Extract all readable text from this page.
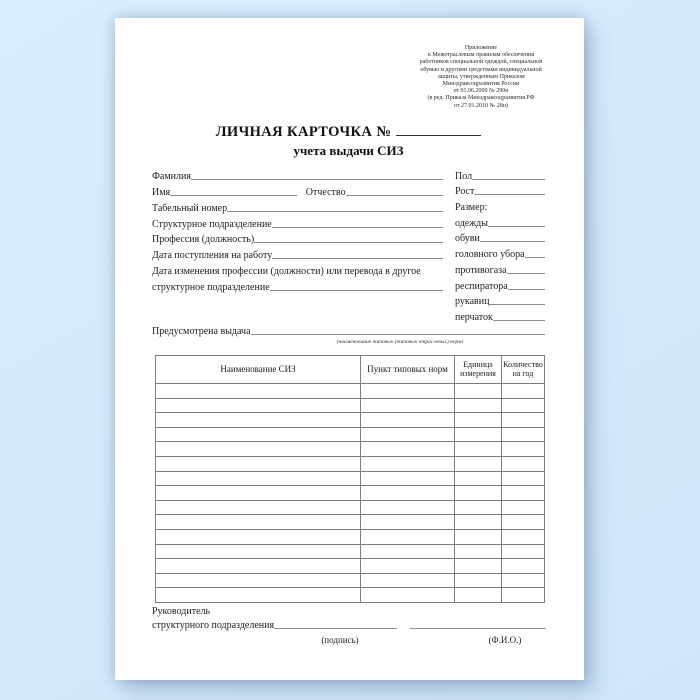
Приложение
к Межотраслевым правилам обеспечения
работников специальной одеждой, специальной
обувью и другими средствами индивидуальной
защиты, утвержденным Приказом
Минздравсоцразвития России
от 01.06.2009 № 290н
(в ред. Приказа Минздравсоцразвития РФ
от 27.01.2010 № 28н)
ЛИЧНАЯ КАРТОЧКА №
учета выдачи СИЗ
Фамилия
Имя	Отчество
Табельный номер
Структурное подразделение
Профессия (должность)
Дата поступления на работу
Дата изменения профессии (должности) или перевода в другое
структурное подразделение
Пол
Рост
Размер:
одежды
обуви
головного убора
противогаза
респиратора
рукавиц
перчаток
Предусмотрена выдача
(наименование типовых (типовых отраслевых) норм)
Наименование СИЗ	Пункт типовых норм	Единица измерения	Количество на год

Руководитель
структурного подразделения
(подпись)	(Ф.И.О.)
